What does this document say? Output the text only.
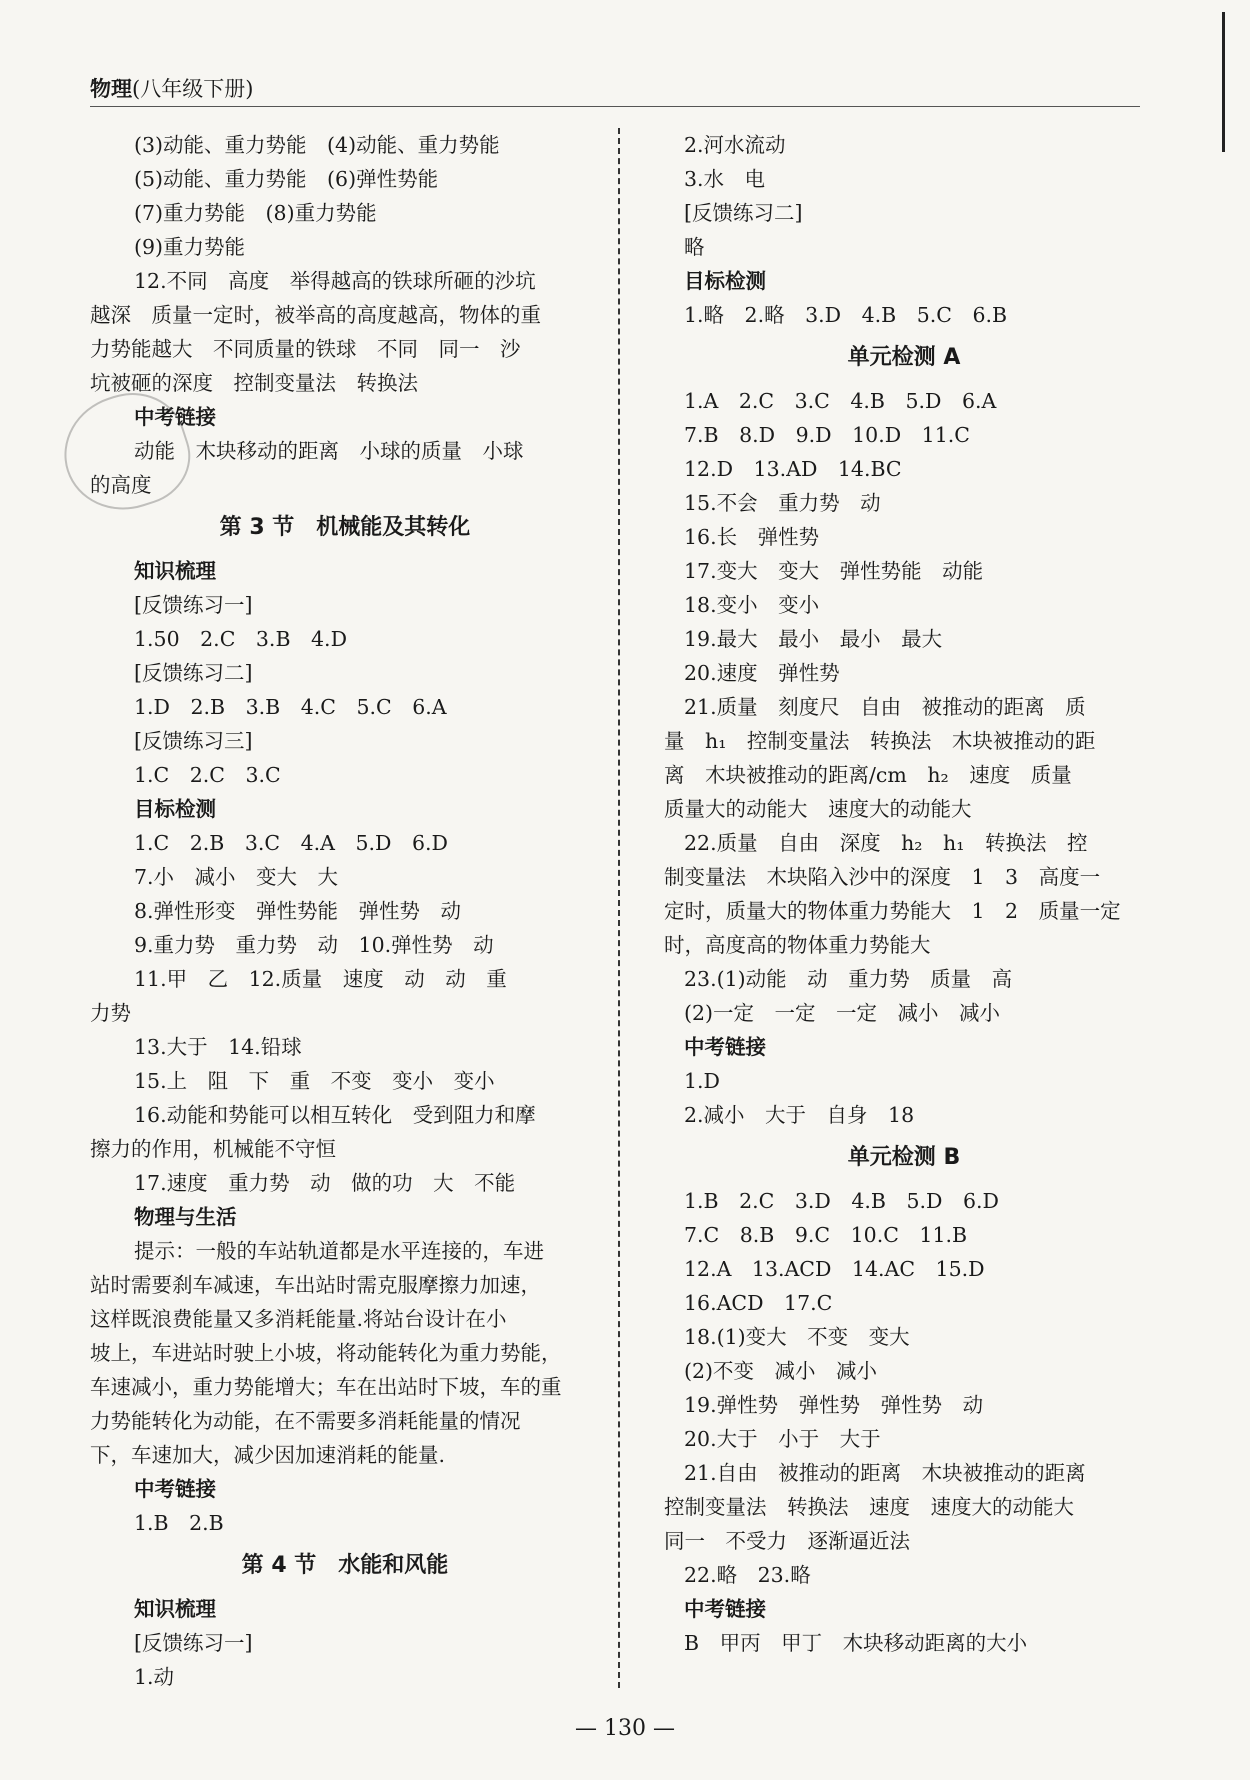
物理(八年级下册)
(3)动能、重力势能　(4)动能、重力势能
(5)动能、重力势能　(6)弹性势能
(7)重力势能　(8)重力势能
(9)重力势能
12.不同　高度　举得越高的铁球所砸的沙坑
越深　质量一定时，被举高的高度越高，物体的重
力势能越大　不同质量的铁球　不同　同一　沙
坑被砸的深度　控制变量法　转换法
中考链接
动能　木块移动的距离　小球的质量　小球
的高度
第 3 节　机械能及其转化
知识梳理
[反馈练习一]
1.50　2.C　3.B　4.D
[反馈练习二]
1.D　2.B　3.B　4.C　5.C　6.A
[反馈练习三]
1.C　2.C　3.C
目标检测
1.C　2.B　3.C　4.A　5.D　6.D
7.小　减小　变大　大
8.弹性形变　弹性势能　弹性势　动
9.重力势　重力势　动　10.弹性势　动
11.甲　乙　12.质量　速度　动　动　重
力势
13.大于　14.铅球
15.上　阻　下　重　不变　变小　变小
16.动能和势能可以相互转化　受到阻力和摩
擦力的作用，机械能不守恒
17.速度　重力势　动　做的功　大　不能
物理与生活
提示：一般的车站轨道都是水平连接的，车进
站时需要刹车减速，车出站时需克服摩擦力加速，
这样既浪费能量又多消耗能量.将站台设计在小
坡上，车进站时驶上小坡，将动能转化为重力势能，
车速减小，重力势能增大；车在出站时下坡，车的重
力势能转化为动能，在不需要多消耗能量的情况
下，车速加大，减少因加速消耗的能量.
中考链接
1.B　2.B
第 4 节　水能和风能
知识梳理
[反馈练习一]
1.动
2.河水流动
3.水　电
[反馈练习二]
略
目标检测
1.略　2.略　3.D　4.B　5.C　6.B
单元检测 A
1.A　2.C　3.C　4.B　5.D　6.A
7.B　8.D　9.D　10.D　11.C
12.D　13.AD　14.BC
15.不会　重力势　动
16.长　弹性势
17.变大　变大　弹性势能　动能
18.变小　变小
19.最大　最小　最小　最大
20.速度　弹性势
21.质量　刻度尺　自由　被推动的距离　质
量　h₁　控制变量法　转换法　木块被推动的距
离　木块被推动的距离/cm　h₂　速度　质量
质量大的动能大　速度大的动能大
22.质量　自由　深度　h₂　h₁　转换法　控
制变量法　木块陷入沙中的深度　1　3　高度一
定时，质量大的物体重力势能大　1　2　质量一定
时，高度高的物体重力势能大
23.(1)动能　动　重力势　质量　高
(2)一定　一定　一定　减小　减小
中考链接
1.D
2.减小　大于　自身　18
单元检测 B
1.B　2.C　3.D　4.B　5.D　6.D
7.C　8.B　9.C　10.C　11.B
12.A　13.ACD　14.AC　15.D
16.ACD　17.C
18.(1)变大　不变　变大
(2)不变　减小　减小
19.弹性势　弹性势　弹性势　动
20.大于　小于　大于
21.自由　被推动的距离　木块被推动的距离
控制变量法　转换法　速度　速度大的动能大
同一　不受力　逐渐逼近法
22.略　23.略
中考链接
B　甲丙　甲丁　木块移动距离的大小
— 130 —
